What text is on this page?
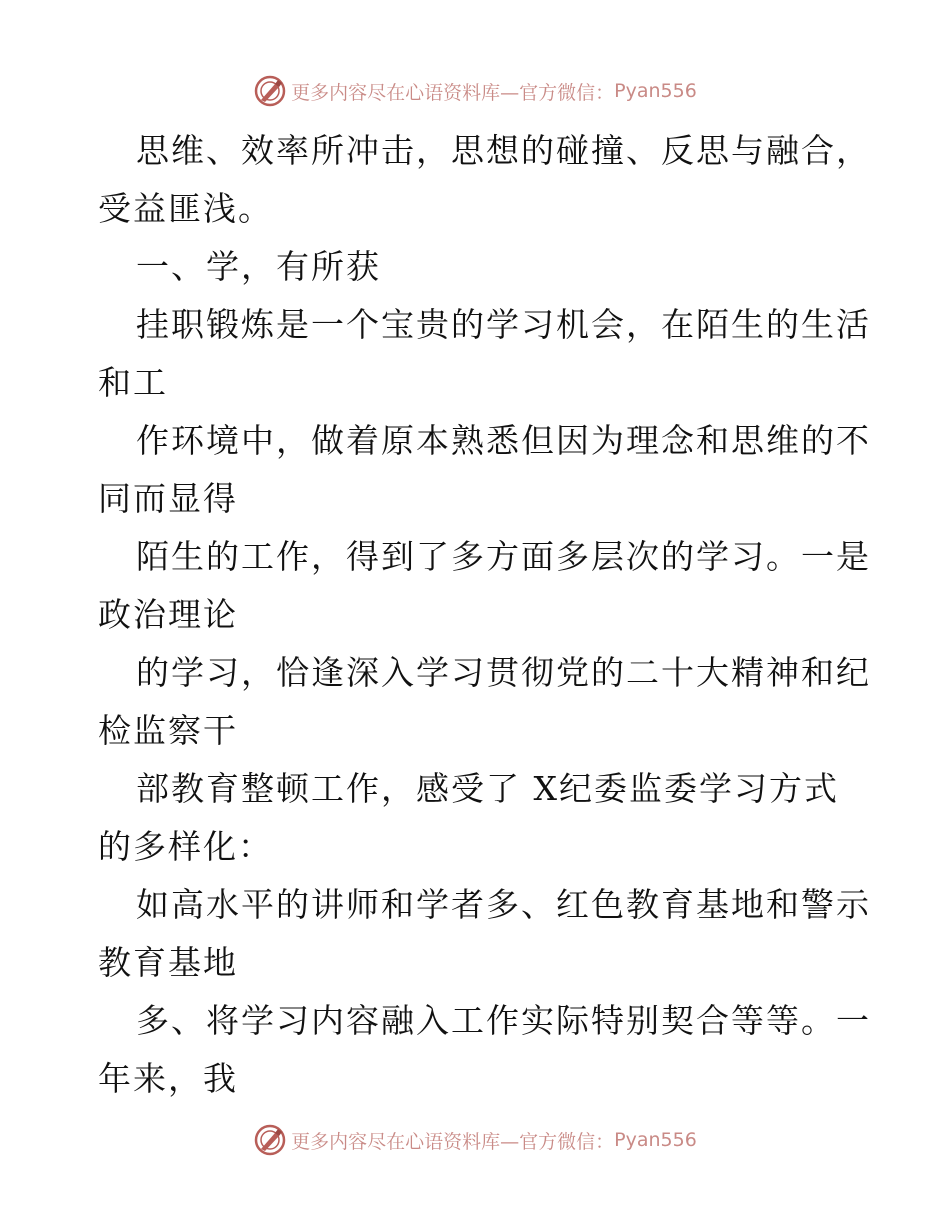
更多内容尽在心语资料库—官方微信： Pyan556
思维、效率所冲击，思想的碰撞、反思与融合，
受益匪浅。
一、学，有所获
挂职锻炼是一个宝贵的学习机会，在陌生的生活
和工
作环境中，做着原本熟悉但因为理念和思维的不
同而显得
陌生的工作，得到了多方面多层次的学习。一是
政治理论
的学习，恰逢深入学习贯彻党的二十大精神和纪
检监察干
部教育整顿工作，感受了 X纪委监委学习方式
的多样化：
如高水平的讲师和学者多、红色教育基地和警示
教育基地
多、将学习内容融入工作实际特别契合等等。一
年来，我
更多内容尽在心语资料库—官方微信： Pyan556
